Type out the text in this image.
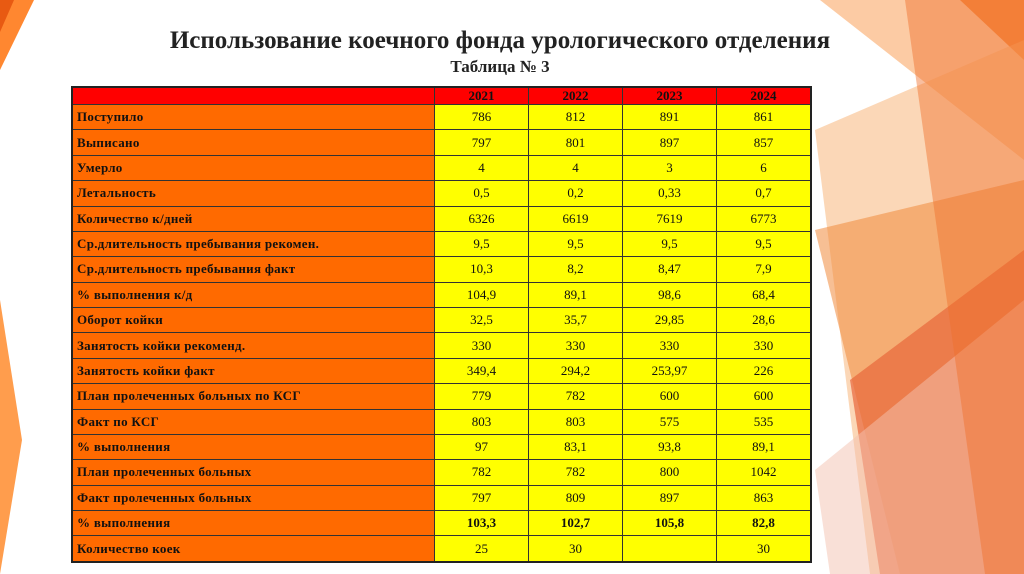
Использование коечного фонда урологического отделения
Таблица № 3
	2021	2022	2023	2024
Поступило	786	812	891	861
Выписано	797	801	897	857
Умерло	4	4	3	6
Летальность	0,5	0,2	0,33	0,7
Количество к/дней	6326	6619	7619	6773
Ср.длительность пребывания рекомен.	9,5	9,5	9,5	9,5
Ср.длительность пребывания факт	10,3	8,2	8,47	7,9
% выполнения к/д	104,9	89,1	98,6	68,4
Оборот койки	32,5	35,7	29,85	28,6
Занятость койки рекоменд.	330	330	330	330
Занятость койки факт	349,4	294,2	253,97	226
План пролеченных больных по КСГ	779	782	600	600
Факт по КСГ	803	803	575	535
% выполнения	97	83,1	93,8	89,1
План пролеченных больных	782	782	800	1042
Факт пролеченных больных	797	809	897	863
% выполнения	103,3	102,7	105,8	82,8
Количество коек	25	30		30
